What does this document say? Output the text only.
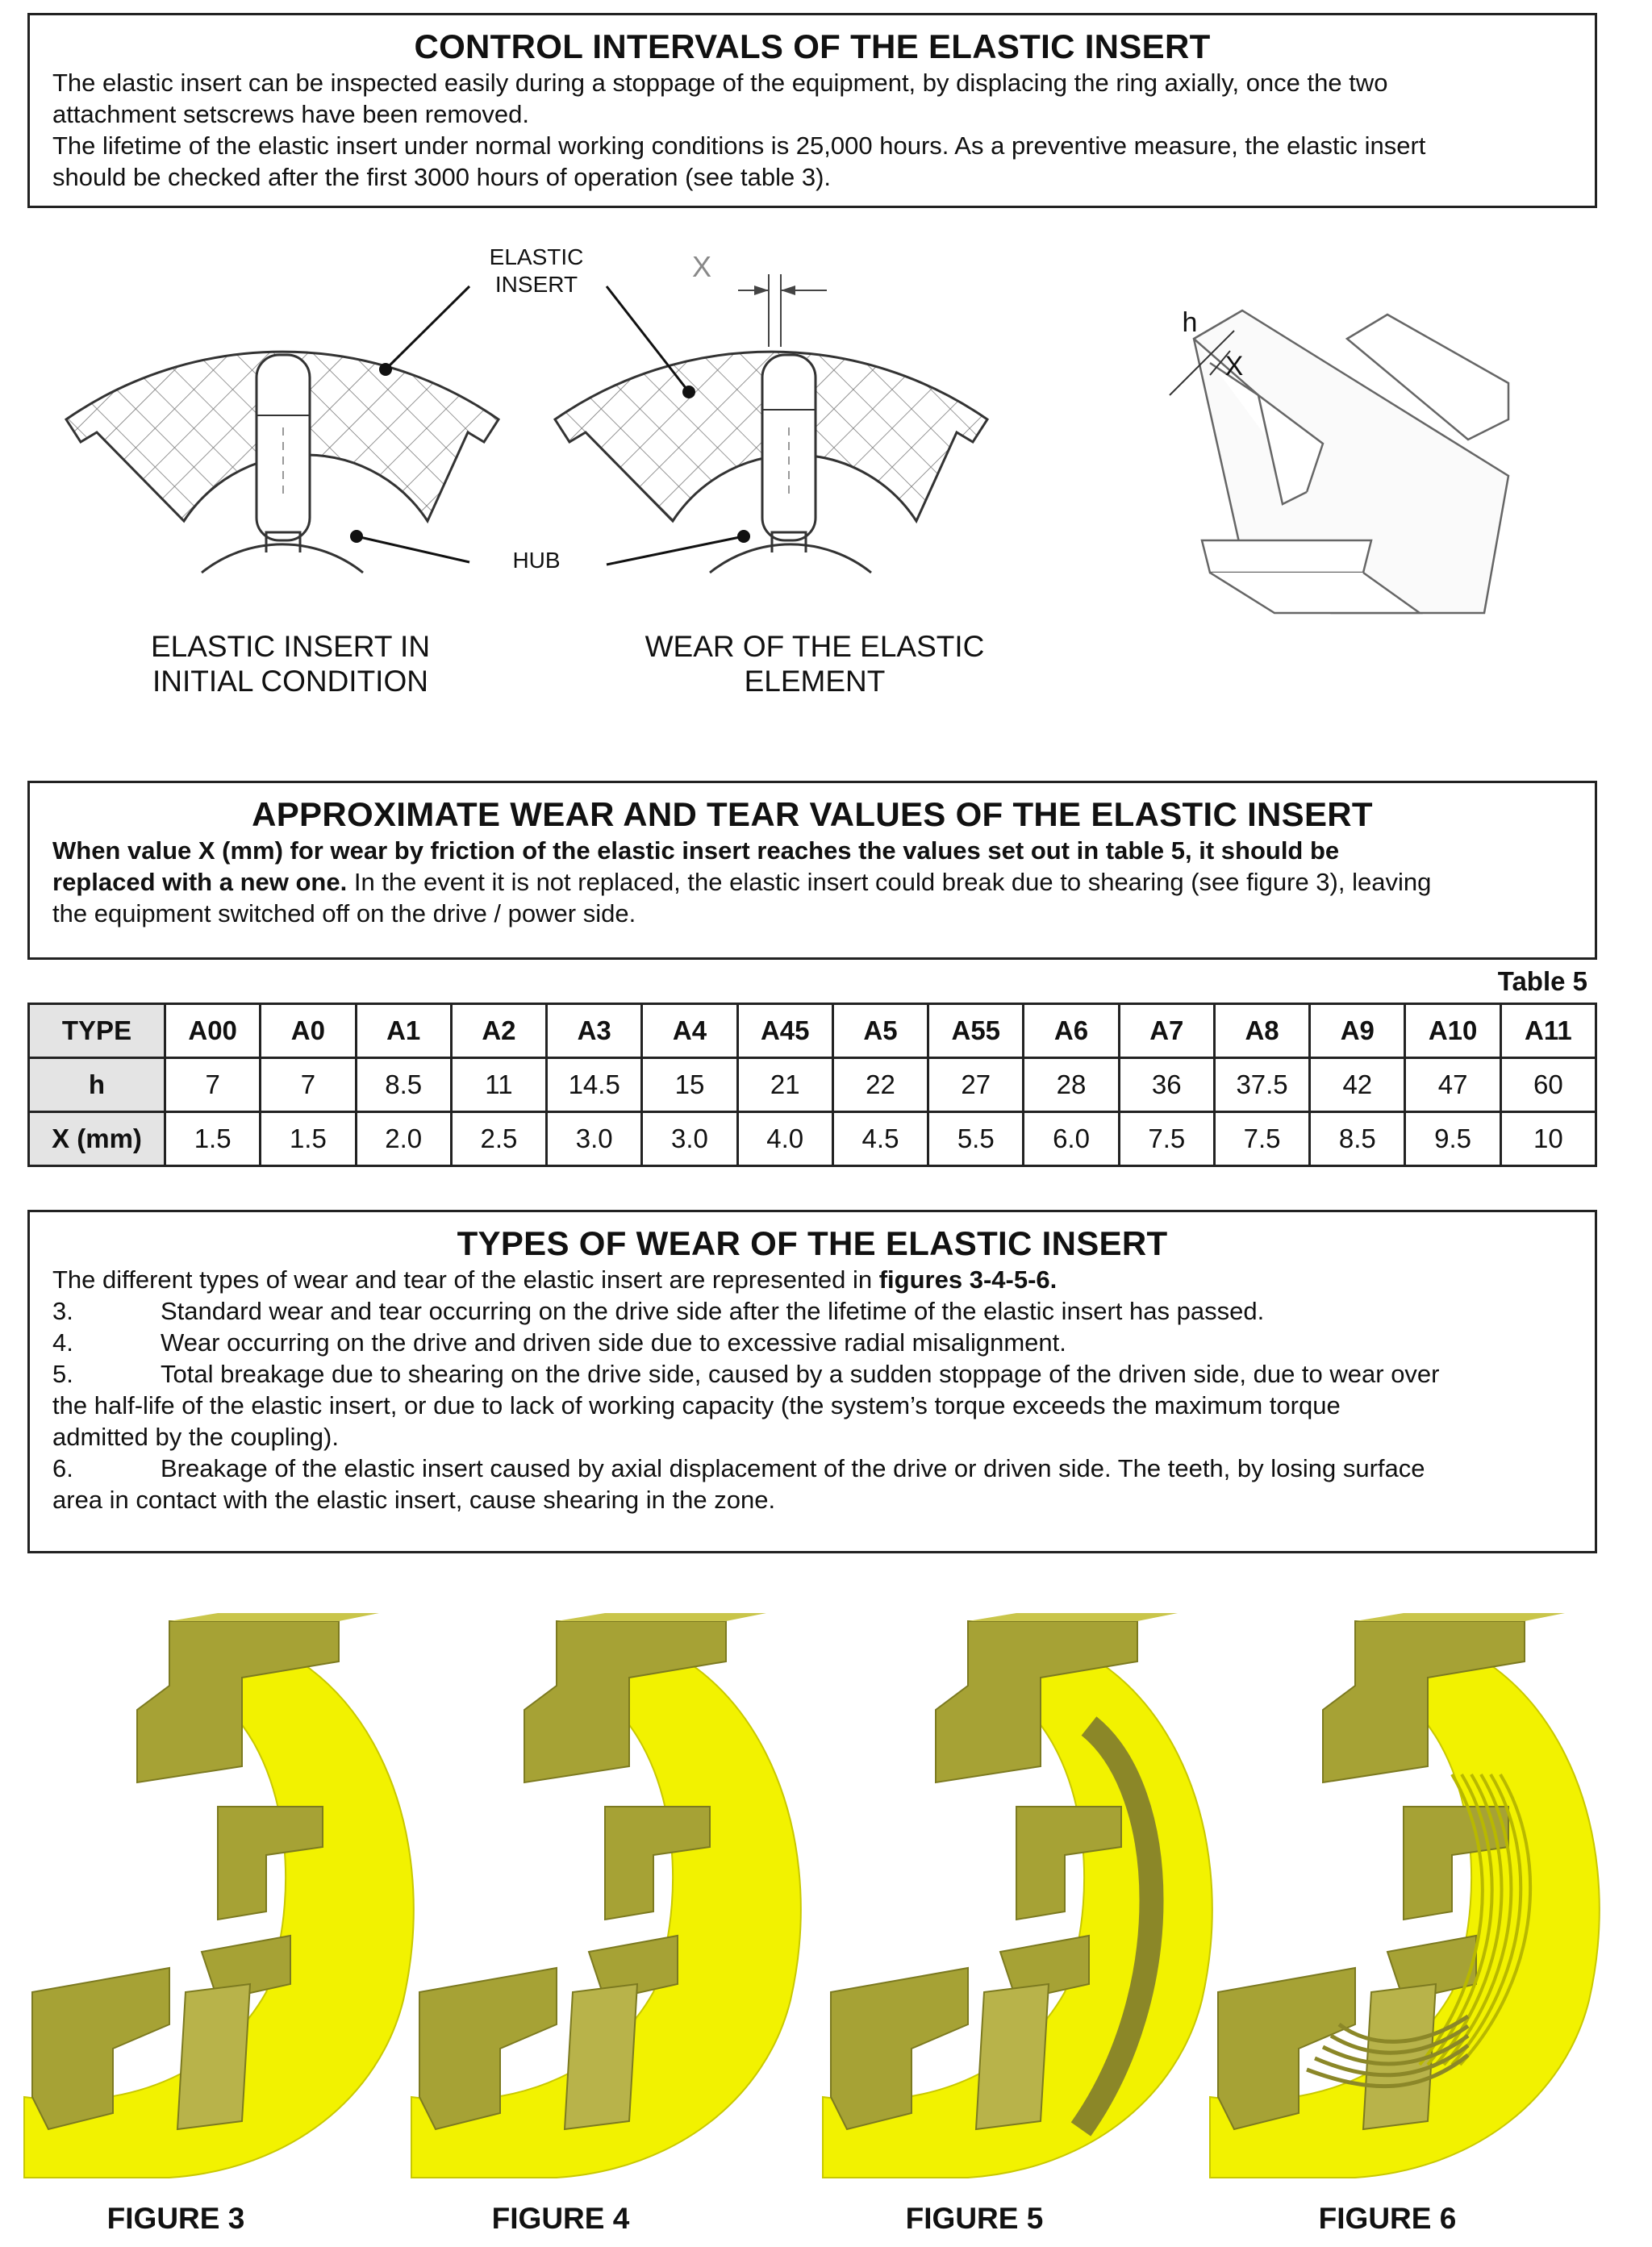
CONTROL INTERVALS OF THE ELASTIC INSERT

The elastic insert can be inspected easily during a stoppage of the equipment, by displacing the ring axially, once the two

attachment setscrews have been removed.

The lifetime of the elastic insert under normal working conditions is 25,000 hours. As a preventive measure, the elastic insert

should be checked after the first 3000 hours of operation (see table 3).

ELASTIC
INSERT
HUB
X
h
X
ELASTIC INSERT IN
INITIAL CONDITION
WEAR OF THE ELASTIC
ELEMENT
APPROXIMATE WEAR AND TEAR VALUES OF THE ELASTIC INSERT

When value X (mm) for wear by friction of the elastic insert reaches the values set out in table 5, it should be

replaced with a new one. In the event it is not replaced, the elastic insert could break due to shearing (see figure 3), leaving

the equipment switched off on the drive / power side.

Table 5
TYPE	A00	A0	A1	A2	A3	A4	A45	A5	A55	A6	A7	A8	A9	A10	A11
h	7	7	8.5	11	14.5	15	21	22	27	28	36	37.5	42	47	60
X (mm)	1.5	1.5	2.0	2.5	3.0	3.0	4.0	4.5	5.5	6.0	7.5	7.5	8.5	9.5	10
TYPES OF WEAR OF THE ELASTIC INSERT

The different types of wear and tear of the elastic insert are represented in figures 3-4-5-6.

3.	Standard wear and tear occurring on the drive side after the lifetime of the elastic insert has passed.

4.	Wear occurring on the drive and driven side due to excessive radial misalignment.

5.	Total breakage due to shearing on the drive side, caused by a sudden stoppage of the driven side, due to wear over

the half-life of the elastic insert, or due to lack of working capacity (the system’s torque exceeds the maximum torque

admitted by the coupling).

6.	Breakage of the elastic insert caused by axial displacement of the drive or driven side. The teeth, by losing surface

area in contact with the elastic insert, cause shearing in the zone.

FIGURE 3	FIGURE 4	FIGURE 5	FIGURE 6
